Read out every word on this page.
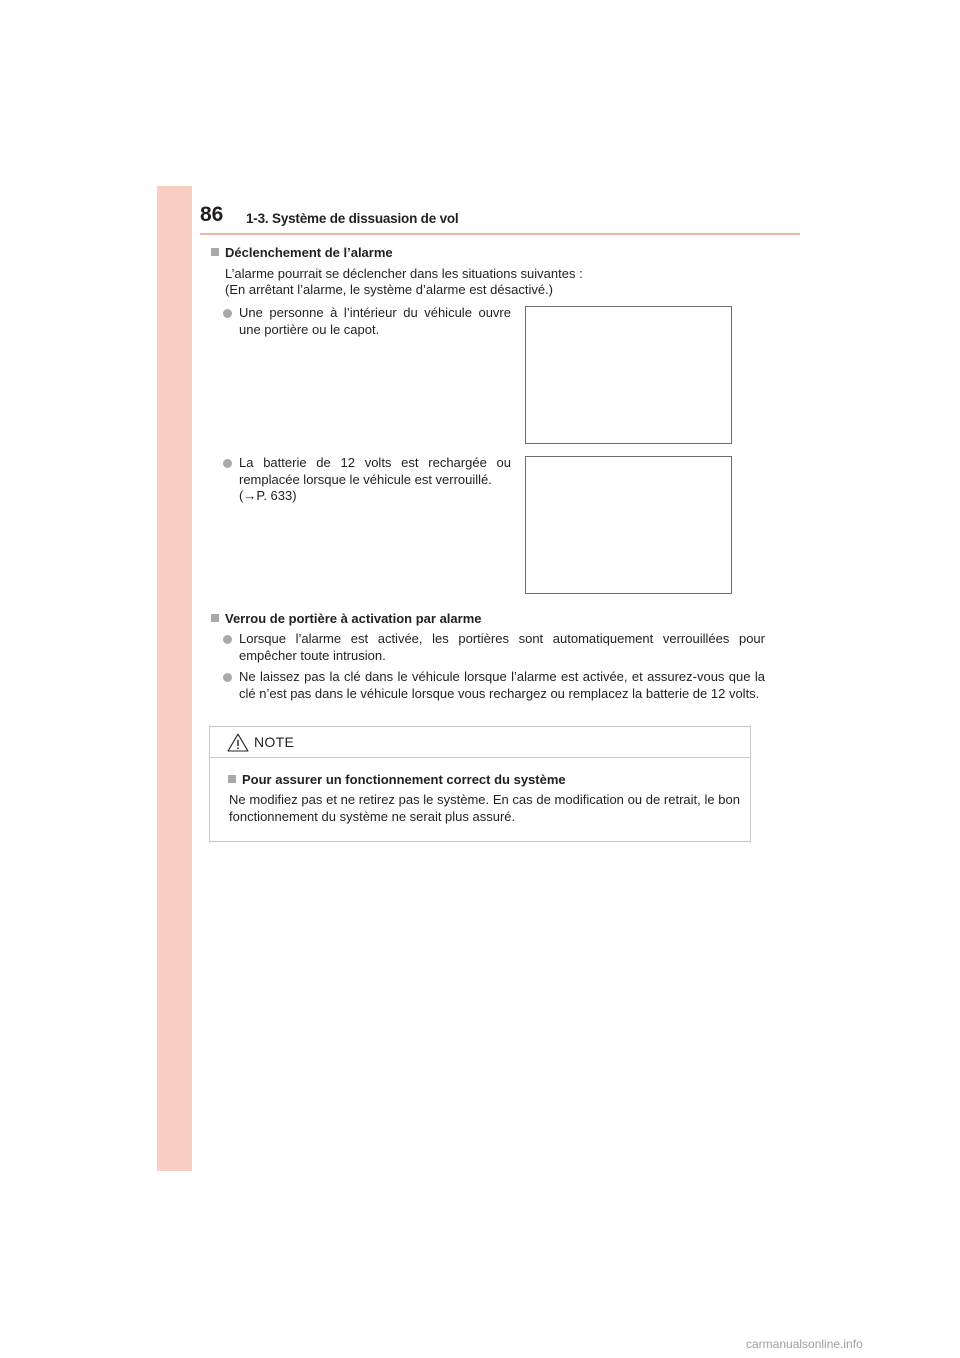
86 1-3. Système de dissuasion de vol
Déclenchement de l’alarme
L’alarme pourrait se déclencher dans les situations suivantes :
(En arrêtant l’alarme, le système d’alarme est désactivé.)
Une personne à l’intérieur du véhicule ouvre une portière ou le capot.
La batterie de 12 volts est rechargée ou remplacée lorsque le véhicule est verrouillé.
(→P. 633)
Verrou de portière à activation par alarme
Lorsque l’alarme est activée, les portières sont automatiquement verrouillées pour empêcher toute intrusion.
Ne laissez pas la clé dans le véhicule lorsque l’alarme est activée, et assurez-vous que la clé n’est pas dans le véhicule lorsque vous rechargez ou remplacez la batterie de 12 volts.
NOTE
Pour assurer un fonctionnement correct du système
Ne modifiez pas et ne retirez pas le système. En cas de modification ou de retrait, le bon fonctionnement du système ne serait plus assuré.
carmanualsonline.info
